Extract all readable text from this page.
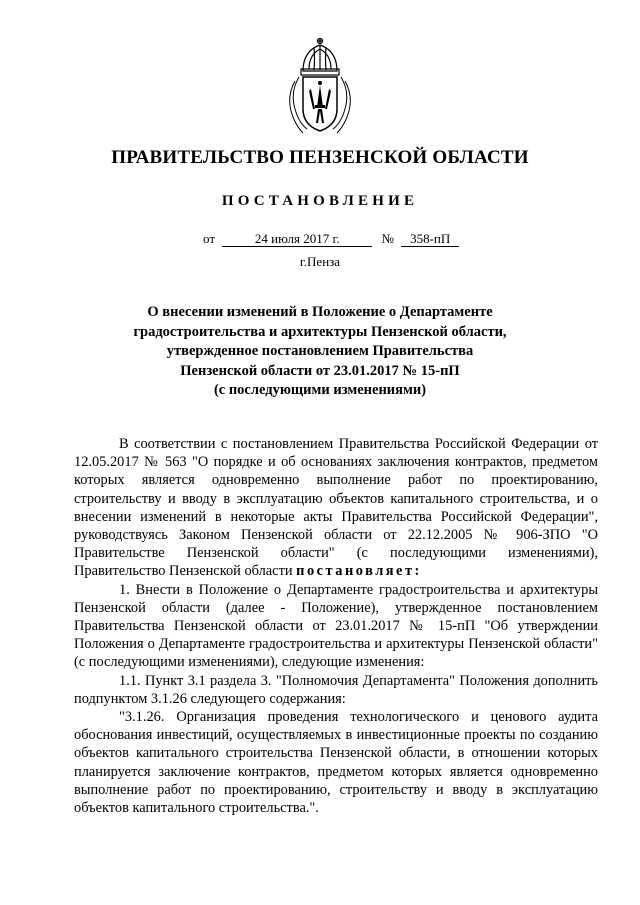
ПРАВИТЕЛЬСТВО ПЕНЗЕНСКОЙ ОБЛАСТИ
ПОСТАНОВЛЕНИЕ
от	24 июля 2017 г.	№ 358-пП
г.Пенза
О внесении изменений в Положение о Департаменте
градостроительства и архитектуры Пензенской области,
утвержденное постановлением Правительства
Пензенской области от 23.01.2017 № 15-пП
(с последующими изменениями)
В соответствии с постановлением Правительства Российской Федерации от 12.05.2017 № 563 "О порядке и об основаниях заключения контрактов, предметом которых является одновременно выполнение работ по проектированию, строительству и вводу в эксплуатацию объектов капитального строительства, и о внесении изменений в некоторые акты Правительства Российской Федерации", руководствуясь Законом Пензенской области от 22.12.2005 № 906-ЗПО "О Правительстве Пензенской области" (с последующими изменениями), Правительство Пензенской области постановляет:
1. Внести в Положение о Департаменте градостроительства и архитектуры Пензенской области (далее - Положение), утвержденное постановлением Правительства Пензенской области от 23.01.2017 № 15-пП "Об утверждении Положения о Департаменте градостроительства и архитектуры Пензенской области" (с последующими изменениями), следующие изменения:
1.1. Пункт 3.1 раздела 3. "Полномочия Департамента" Положения дополнить подпунктом 3.1.26 следующего содержания:
"3.1.26. Организация проведения технологического и ценового аудита обоснования инвестиций, осуществляемых в инвестиционные проекты по созданию объектов капитального строительства Пензенской области, в отношении которых планируется заключение контрактов, предметом которых является одновременно выполнение работ по проектированию, строительству и вводу в эксплуатацию объектов капитального строительства.".
